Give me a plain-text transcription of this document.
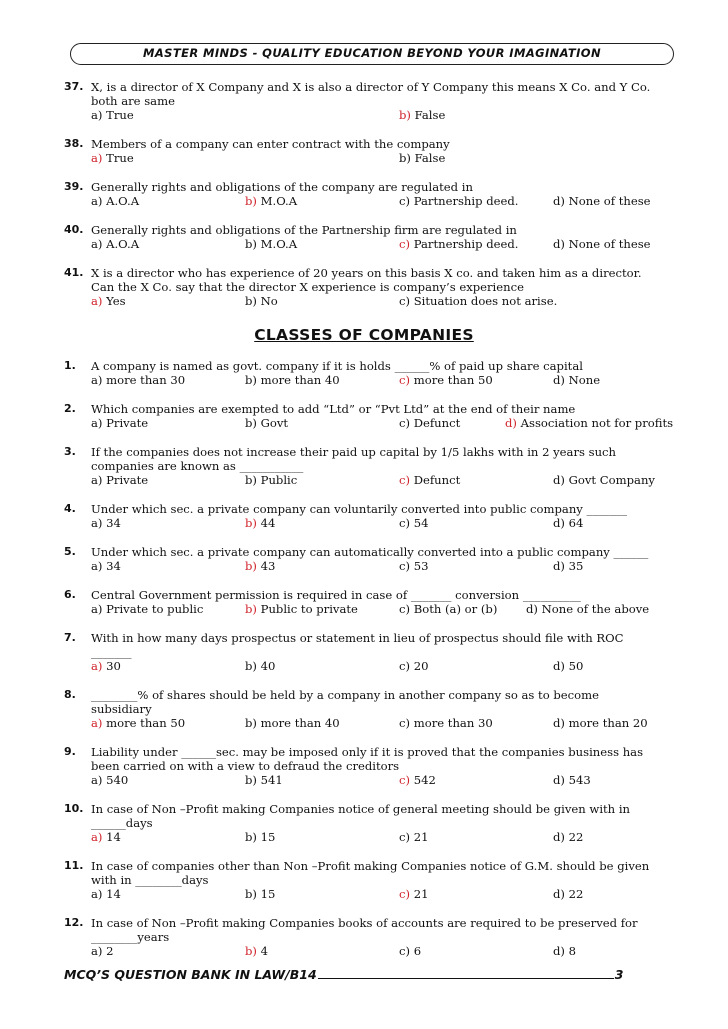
MASTER MINDS - QUALITY EDUCATION BEYOND YOUR IMAGINATION
37. X, is a director of X Company and X is also a director of Y Company this means X Co. and Y Co.
both are same
a) True	b) False
38. Members of a company can enter contract with the company
a) True	b) False
39. Generally rights and obligations of the company are regulated in
a) A.O.A	b) M.O.A	c) Partnership deed.	d) None of these
40. Generally rights and obligations of the Partnership firm are regulated in
a) A.O.A	b) M.O.A	c) Partnership deed.	d) None of these
41. X is a director who has experience of 20 years on this basis X co. and taken him as a director.
Can the X Co. say that the director X experience is company’s experience
a) Yes	b) No	c) Situation does not arise.
CLASSES OF COMPANIES
1. A company is named as govt. company if it is holds ______% of paid up share capital
a) more than 30	b) more than 40	c) more than 50	d) None
2. Which companies are exempted to add “Ltd” or “Pvt Ltd” at the end of their name
a) Private	b) Govt	c) Defunct	d) Association not for profits
3. If the companies does not increase their paid up capital by 1/5 lakhs with in 2 years such
companies are known as ___________
a) Private	b) Public	c) Defunct	d) Govt Company
4. Under which sec. a private company can voluntarily converted into public company _______
a) 34	b) 44	c) 54	d) 64
5. Under which sec. a private company can automatically converted into a public company ______
a) 34	b) 43	c) 53	d) 35
6. Central Government permission is required in case of _______ conversion __________
a) Private to public	b) Public to private	c) Both (a) or (b) d) None of the above
7. With in how many days prospectus or statement in lieu of prospectus should file with ROC
_______
a) 30	b) 40	c) 20	d) 50
8. ________% of shares should be held by a company in another company so as to become
subsidiary
a) more than 50	b) more than 40	c) more than 30	d) more than 20
9. Liability under ______sec. may be imposed only if it is proved that the companies business has
been carried on with a view to defraud the creditors
a) 540	b) 541	c) 542	d) 543
10. In case of Non –Profit making Companies notice of general meeting should be given with in
______days
a) 14	b) 15	c) 21	d) 22
11. In case of companies other than Non –Profit making Companies notice of G.M. should be given
with in ________days
a) 14	b) 15	c) 21	d) 22
12. In case of Non –Profit making Companies books of accounts are required to be preserved for
________years
a) 2	b) 4	c) 6	d) 8
MCQ’S QUESTION BANK IN LAW/B14	3
